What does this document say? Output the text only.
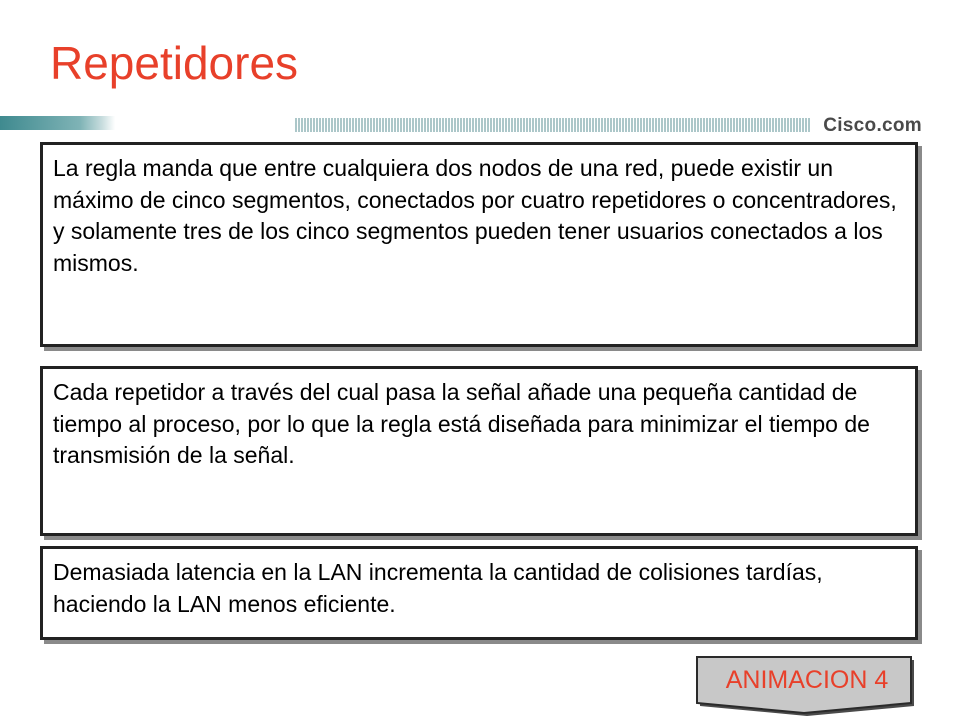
Repetidores
Cisco.com
La regla manda que entre cualquiera dos nodos de una red, puede existir un máximo de cinco segmentos, conectados por cuatro repetidores o concentradores, y solamente tres de los cinco segmentos pueden tener usuarios conectados a los mismos.
Cada repetidor a través del cual pasa la señal añade una pequeña cantidad de tiempo al proceso, por lo que la regla está diseñada para minimizar el tiempo de transmisión de la señal.
Demasiada latencia en la LAN incrementa la cantidad de colisiones tardías, haciendo la LAN menos eficiente.
ANIMACION 4
